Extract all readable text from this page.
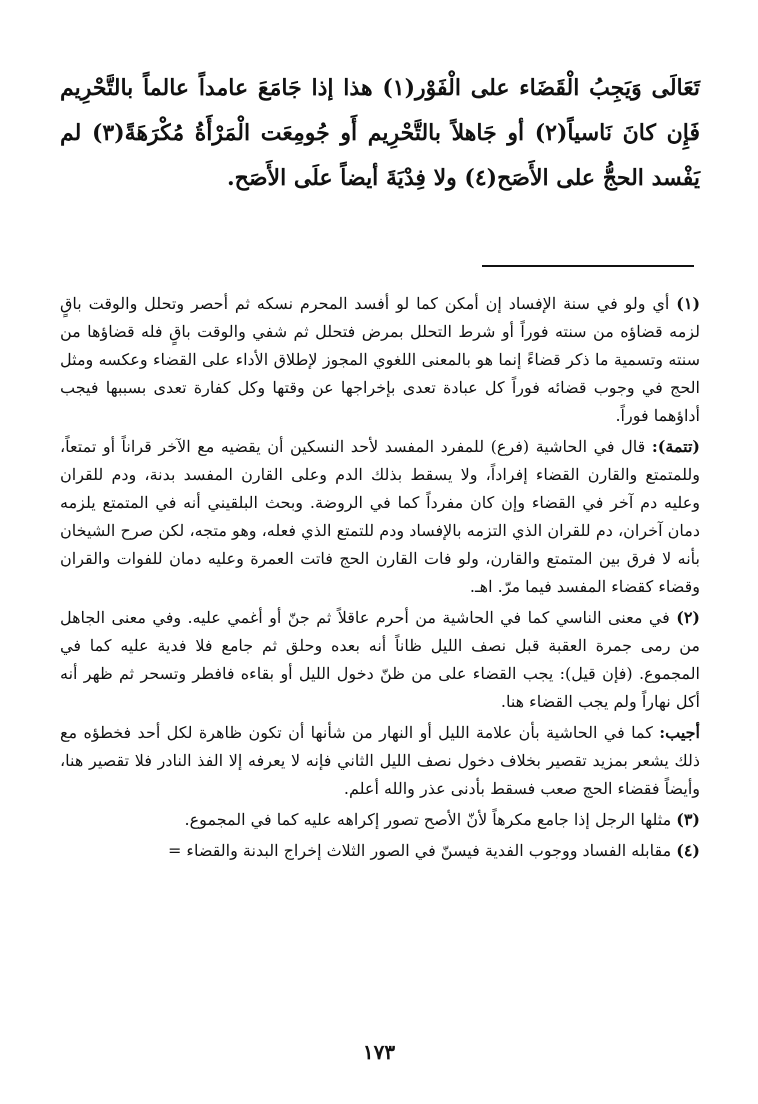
تَعَالَى وَيَجِبُ الْقَضَاء على الْفَوْر(١) هذا إذا جَامَعَ عامداً عالماً بالتَّحْرِيم فَإِن كانَ نَاسياً(٢) أو جَاهلاً بالتَّحْرِيم أَو جُومِعَت الْمَرْأَةُ مُكْرَهَةً(٣) لم يَفْسد الحجُّ على الأَصَح(٤) ولا فِدْيَةَ أيضاً علَى الأَصَح.

(١) أي ولو في سنة الإفساد إن أمكن كما لو أفسد المحرم نسكه ثم أحصر وتحلل والوقت باقٍ لزمه قضاؤه من سنته فوراً أو شرط التحلل بمرض فتحلل ثم شفي والوقت باقٍ فله قضاؤها من سنته وتسمية ما ذكر قضاءً إنما هو بالمعنى اللغوي المجوز لإطلاق الأداء على القضاء وعكسه ومثل الحج في وجوب قضائه فوراً كل عبادة تعدى بإخراجها عن وقتها وكل كفارة تعدى بسببها فيجب أداؤهما فوراً.

(تتمة): قال في الحاشية (فرع) للمفرد المفسد لأحد النسكين أن يقضيه مع الآخر قراناً أو تمتعاً، وللمتمتع والقارن القضاء إفراداً، ولا يسقط بذلك الدم وعلى القارن المفسد بدنة، ودم للقران وعليه دم آخر في القضاء وإن كان مفرداً كما في الروضة. وبحث البلقيني أنه في المتمتع يلزمه دمان آخران، دم للقران الذي التزمه بالإفساد ودم للتمتع الذي فعله، وهو متجه، لكن صرح الشيخان بأنه لا فرق بين المتمتع والقارن، ولو فات القارن الحج فاتت العمرة وعليه دمان للفوات والقران وقضاء كقضاء المفسد فيما مرّ. اهـ.

(٢) في معنى الناسي كما في الحاشية من أحرم عاقلاً ثم جنّ أو أغمي عليه. وفي معنى الجاهل من رمى جمرة العقبة قبل نصف الليل ظاناً أنه بعده وحلق ثم جامع فلا فدية عليه كما في المجموع. (فإن قيل): يجب القضاء على من ظنّ دخول الليل أو بقاءه فافطر وتسحر ثم ظهر أنه أكل نهاراً ولم يجب القضاء هنا.

أجيب: كما في الحاشية بأن علامة الليل أو النهار من شأنها أن تكون ظاهرة لكل أحد فخطؤه مع ذلك يشعر بمزيد تقصير بخلاف دخول نصف الليل الثاني فإنه لا يعرفه إلا الفذ النادر فلا تقصير هنا، وأيضاً فقضاء الحج صعب فسقط بأدنى عذر والله أعلم.

(٣) مثلها الرجل إذا جامع مكرهاً لأنّ الأصح تصور إكراهه عليه كما في المجموع.

(٤) مقابله الفساد ووجوب الفدية فيسنّ في الصور الثلاث إخراج البدنة والقضاء =

١٧٣
